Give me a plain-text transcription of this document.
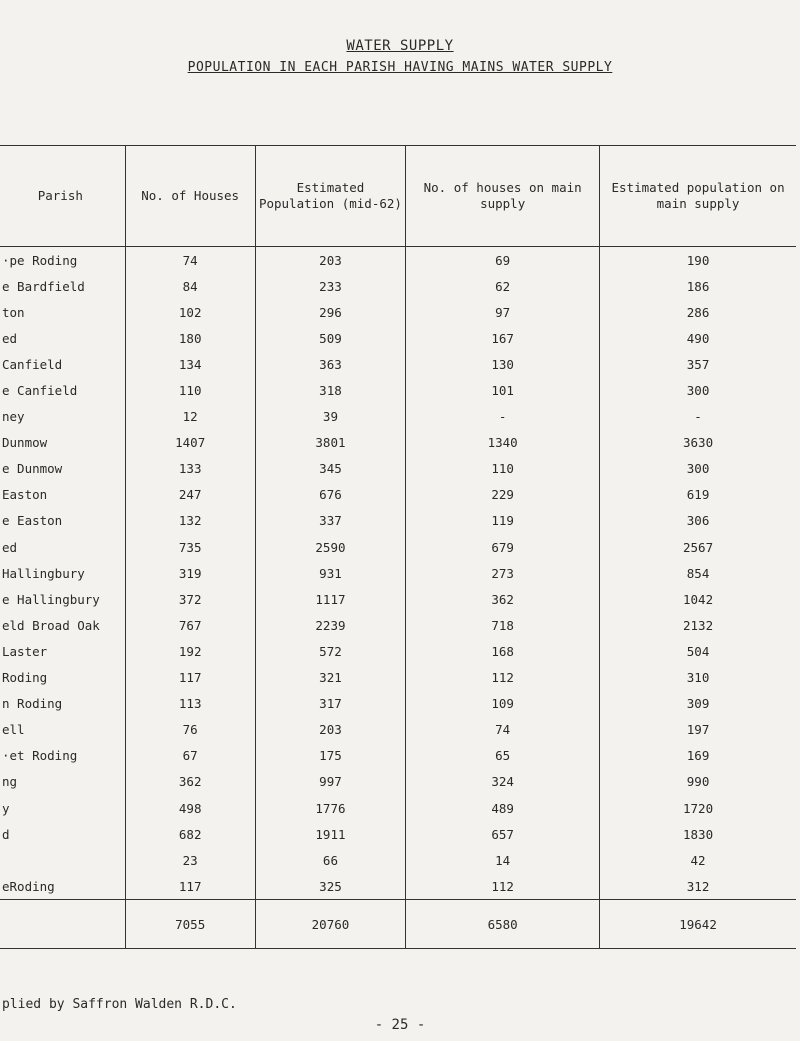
WATER SUPPLY
POPULATION IN EACH PARISH HAVING MAINS WATER SUPPLY
Parish	No. of Houses	Estimated Population (mid-62)	No. of houses on main supply	Estimated population on main supply
·pe Roding	74	203	69	190
e Bardfield	84	233	62	186
ton	102	296	97	286
ed	180	509	167	490
Canfield	134	363	130	357
e Canfield	110	318	101	300
ney	12	39	-	-
Dunmow	1407	3801	1340	3630
e Dunmow	133	345	110	300
Easton	247	676	229	619
e Easton	132	337	119	306
ed	735	2590	679	2567
Hallingbury	319	931	273	854
e Hallingbury	372	1117	362	1042
eld Broad Oak	767	2239	718	2132
Laster	192	572	168	504
Roding	117	321	112	310
n Roding	113	317	109	309
ell	76	203	74	197
·et Roding	67	175	65	169
ng	362	997	324	990
y	498	1776	489	1720
d	682	1911	657	1830
	23	66	14	42
eRoding	117	325	112	312
	7055	20760	6580	19642
plied by Saffron Walden R.D.C.
- 25 -
